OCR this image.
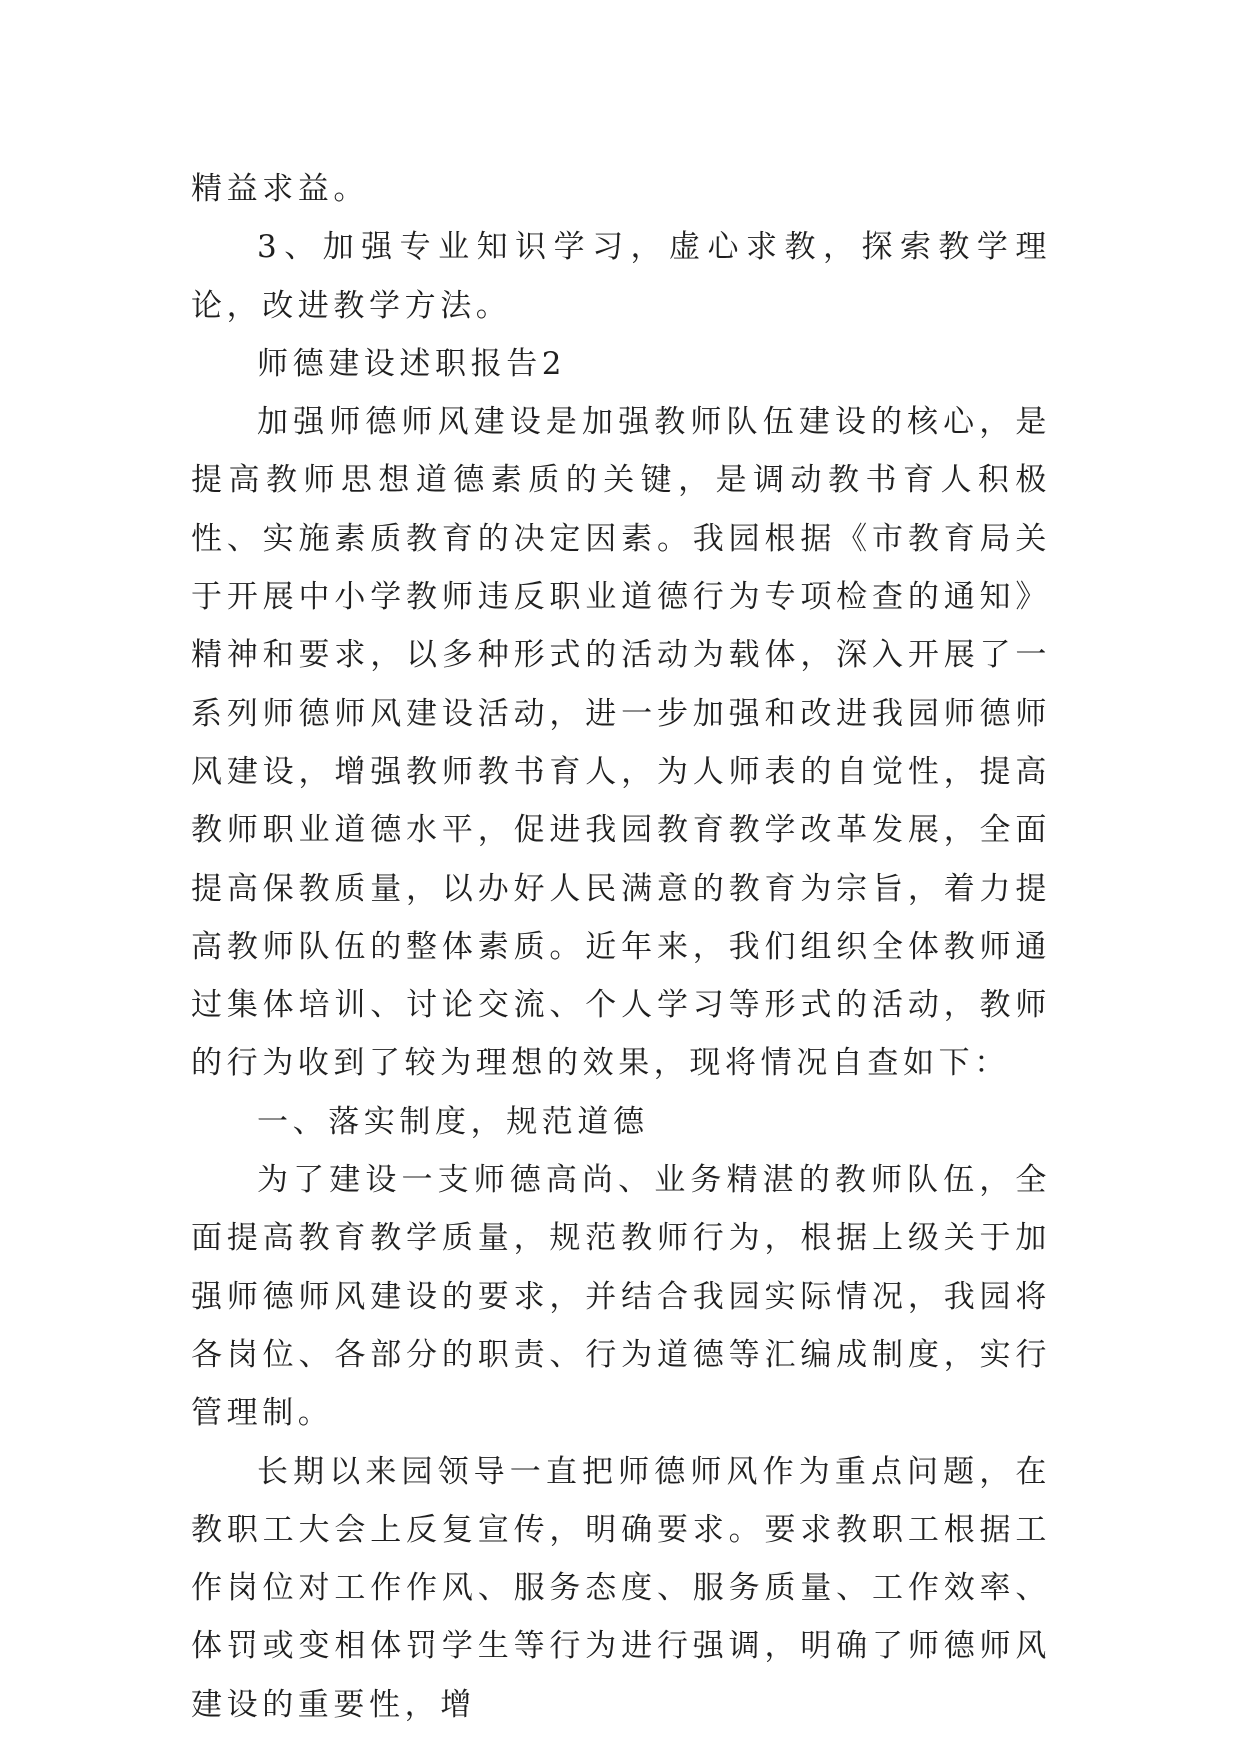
精益求益。

3、加强专业知识学习，虚心求教，探索教学理论，改进教学方法。

师德建设述职报告2

加强师德师风建设是加强教师队伍建设的核心，是提高教师思想道德素质的关键，是调动教书育人积极性、实施素质教育的决定因素。我园根据《市教育局关于开展中小学教师违反职业道德行为专项检查的通知》精神和要求，以多种形式的活动为载体，深入开展了一系列师德师风建设活动，进一步加强和改进我园师德师风建设，增强教师教书育人，为人师表的自觉性，提高教师职业道德水平，促进我园教育教学改革发展，全面提高保教质量，以办好人民满意的教育为宗旨，着力提高教师队伍的整体素质。近年来，我们组织全体教师通过集体培训、讨论交流、个人学习等形式的活动，教师的行为收到了较为理想的效果，现将情况自查如下：

一、落实制度，规范道德

为了建设一支师德高尚、业务精湛的教师队伍，全面提高教育教学质量，规范教师行为，根据上级关于加强师德师风建设的要求，并结合我园实际情况，我园将各岗位、各部分的职责、行为道德等汇编成制度，实行管理制。

长期以来园领导一直把师德师风作为重点问题，在教职工大会上反复宣传，明确要求。要求教职工根据工作岗位对工作作风、服务态度、服务质量、工作效率、体罚或变相体罚学生等行为进行强调，明确了师德师风建设的重要性，增
